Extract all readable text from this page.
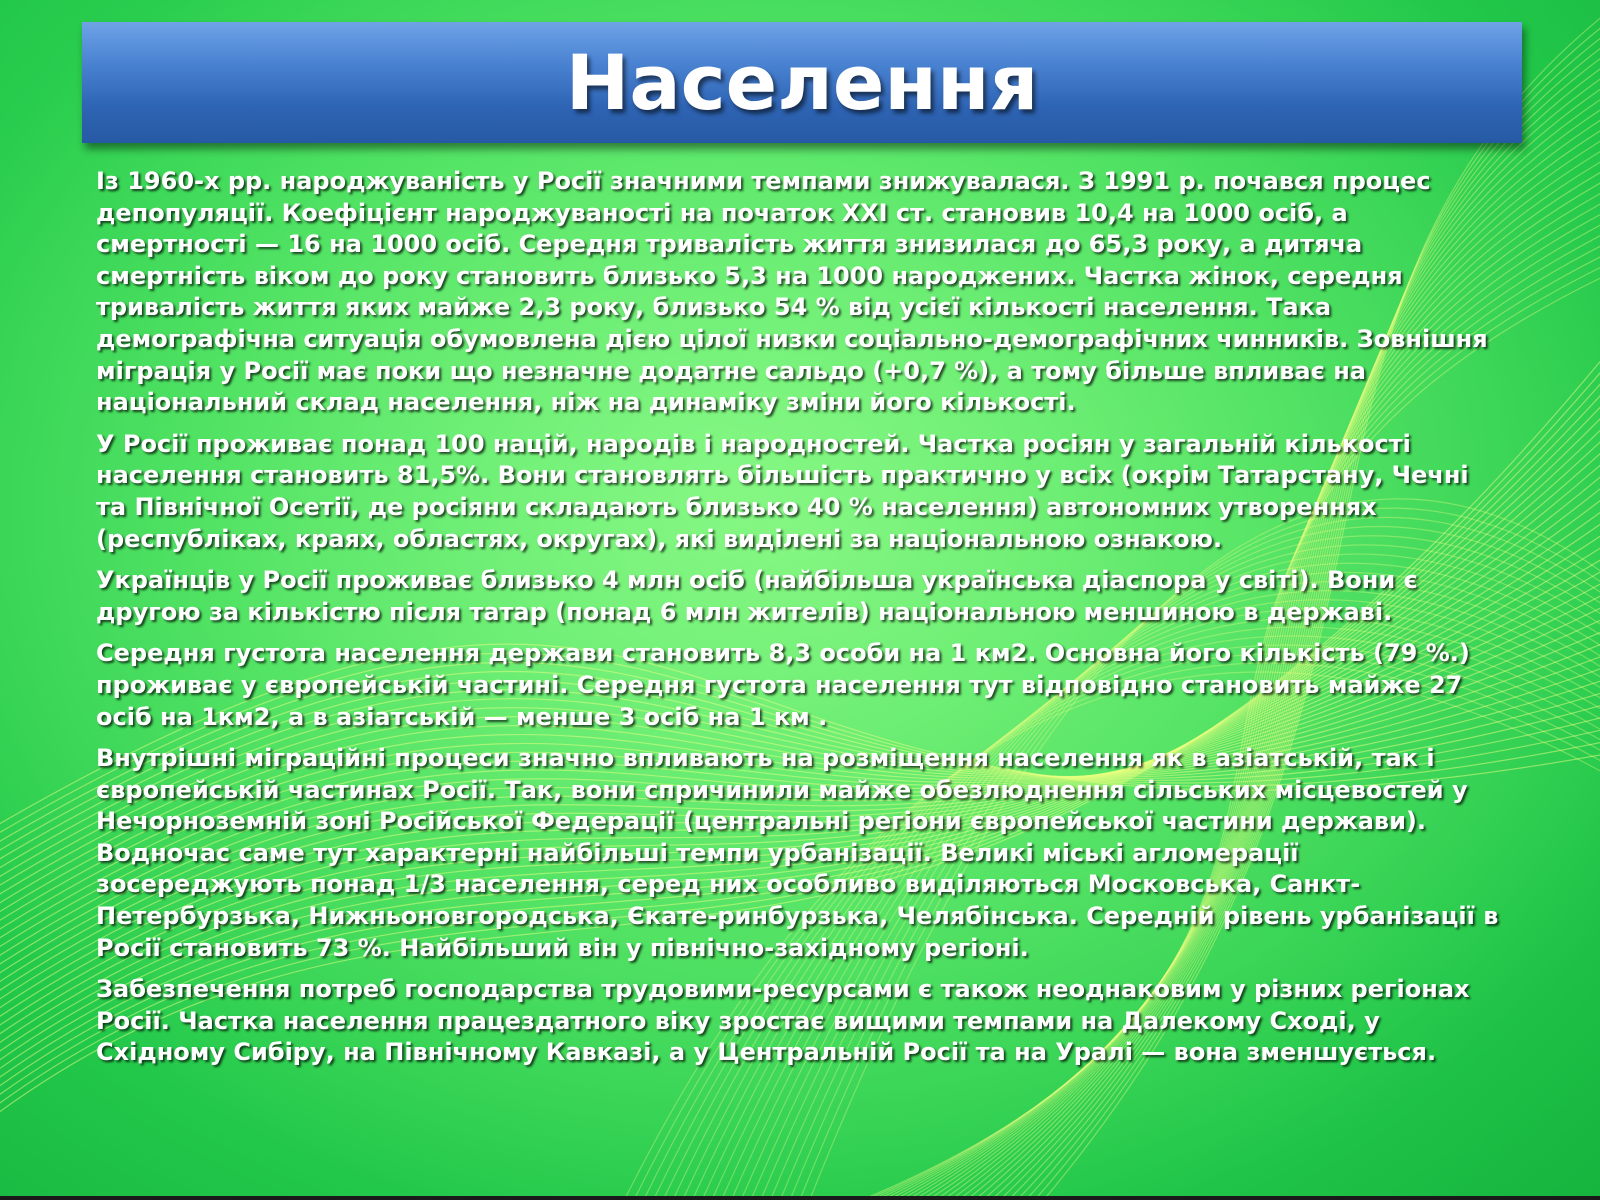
Населення

Із 1960-х рр. народжуваність у Росії значними темпами знижувалася. З 1991 р. почався процес депопуляції. Коефіцієнт народжуваності на початок XXI ст. становив 10,4 на 1000 осіб, а смертності — 16 на 1000 осіб. Середня тривалість життя знизилася до 65,3 року, а дитяча смертність віком до року становить близько 5,3 на 1000 народжених. Частка жінок, середня тривалість життя яких майже 2,3 року, близько 54 % від усієї кількості населення. Така демографічна ситуація обумовлена дією цілої низки соціально-демографічних чинників. Зовнішня міграція у Росії має поки що незначне додатне сальдо (+0,7 %), а тому більше впливає на національний склад населення, ніж на динаміку зміни його кількості.

У Росії проживає понад 100 націй, народів і народностей. Частка росіян у загальній кількості населення становить 81,5%. Вони становлять більшість практично у всіх (окрім Татарстану, Чечні та Північної Осетії, де росіяни складають близько 40 % населення) автономних утвореннях (республіках, краях, областях, округах), які виділені за національною ознакою.

Українців у Росії проживає близько 4 млн осіб (найбільша українська діаспора у світі). Вони є другою за кількістю після татар (понад 6 млн жителів) національною меншиною в державі.

Середня густота населення держави становить 8,3 особи на 1 км2. Основна його кількість (79 %.) проживає у європейській частині. Середня густота населення тут відповідно становить майже 27 осіб на 1км2, а в азіатській — менше 3 осіб на 1 км .

Внутрішні міграційні процеси значно впливають на розміщення населення як в азіатській, так і європейській частинах Росії. Так, вони спричинили майже обезлюднення сільських місцевостей у Нечорноземній зоні Російської Федерації (центральні регіони європейської частини держави). Водночас саме тут характерні найбільші темпи урбанізації. Великі міські агломерації зосереджують понад 1/3 населення, серед них особливо виділяються Московська, Санкт-Петербурзька, Нижньоновгородська, Єкате-ринбурзька, Челябінська. Середній рівень урбанізації в Росії становить 73 %. Найбільший він у північно-західному регіоні.

Забезпечення потреб господарства трудовими-ресурсами є також неоднаковим у різних регіонах Росії. Частка населення працездатного віку зростає вищими темпами на Далекому Сході, у Східному Сибіру, на Північному Кавказі, а у Центральній Росії та на Уралі — вона зменшується.
